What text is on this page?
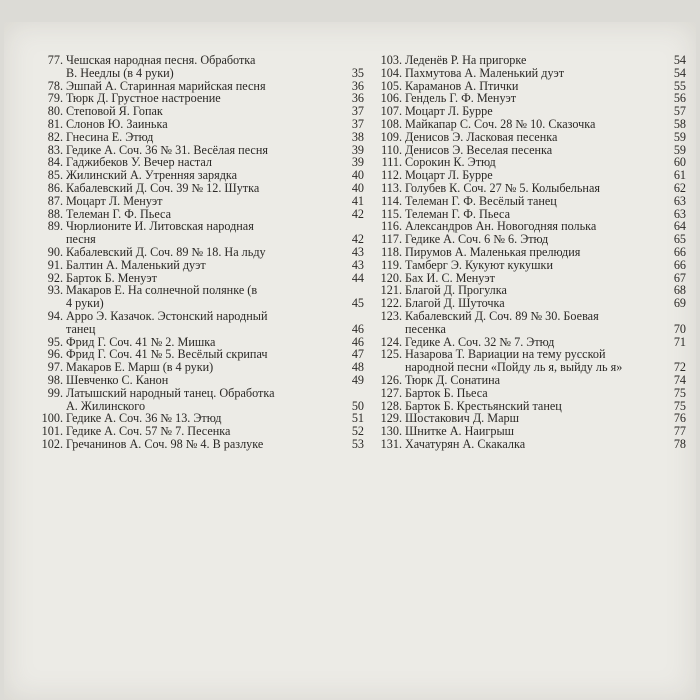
77. Чешская народная песня. Обработка
В. Неедлы (в 4 руки)	35
78. Эшпай А. Старинная марийская песня	36
79. Тюрк Д. Грустное настроение	36
80. Степовой Я. Гопак	37
81. Слонов Ю. Заинька	37
82. Гнесина Е. Этюд	38
83. Гедике А. Соч. 36 № 31. Весёлая песня	39
84. Гаджибеков У. Вечер настал	39
85. Жилинский А. Утренняя зарядка	40
86. Кабалевский Д. Соч. 39 № 12. Шутка	40
87. Моцарт Л. Менуэт	41
88. Телеман Г. Ф. Пьеса	42
89. Чюрлионите И. Литовская народная
песня	42
90. Кабалевский Д. Соч. 89 № 18. На льду	43
91. Балтин А. Маленький дуэт	43
92. Барток Б. Менуэт	44
93. Макаров Е. На солнечной полянке (в
4 руки)	45
94. Арро Э. Казачок. Эстонский народный
танец	46
95. Фрид Г. Соч. 41 № 2. Мишка	46
96. Фрид Г. Соч. 41 № 5. Весёлый скрипач	47
97. Макаров Е. Марш (в 4 руки)	48
98. Шевченко С. Канон	49
99. Латышский народный танец. Обработка
А. Жилинского	50
100. Гедике А. Соч. 36 № 13. Этюд	51
101. Гедике А. Соч. 57 № 7. Песенка	52
102. Гречанинов А. Соч. 98 № 4. В разлуке	53
103. Леденёв Р. На пригорке	54
104. Пахмутова А. Маленький дуэт	54
105. Караманов А. Птички	55
106. Гендель Г. Ф. Менуэт	56
107. Моцарт Л. Бурре	57
108. Майкапар С. Соч. 28 № 10. Сказочка	58
109. Денисов Э. Ласковая песенка	59
110. Денисов Э. Веселая песенка	59
111. Сорокин К. Этюд	60
112. Моцарт Л. Бурре	61
113. Голубев К. Соч. 27 № 5. Колыбельная	62
114. Телеман Г. Ф. Весёлый танец	63
115. Телеман Г. Ф. Пьеса	63
116. Александров Ан. Новогодняя полька	64
117. Гедике А. Соч. 6 № 6. Этюд	65
118. Пирумов А. Маленькая прелюдия	66
119. Тамберг Э. Кукуют кукушки	66
120. Бах И. С. Менуэт	67
121. Благой Д. Прогулка	68
122. Благой Д. Шуточка	69
123. Кабалевский Д. Соч. 89 № 30. Боевая
песенка	70
124. Гедике А. Соч. 32 № 7. Этюд	71
125. Назарова Т. Вариации на тему русской
народной песни «Пойду ль я, выйду ль я»	72
126. Тюрк Д. Сонатина	74
127. Барток Б. Пьеса	75
128. Барток Б. Крестьянский танец	75
129. Шостакович Д. Марш	76
130. Шнитке А. Наигрыш	77
131. Хачатурян А. Скакалка	78
